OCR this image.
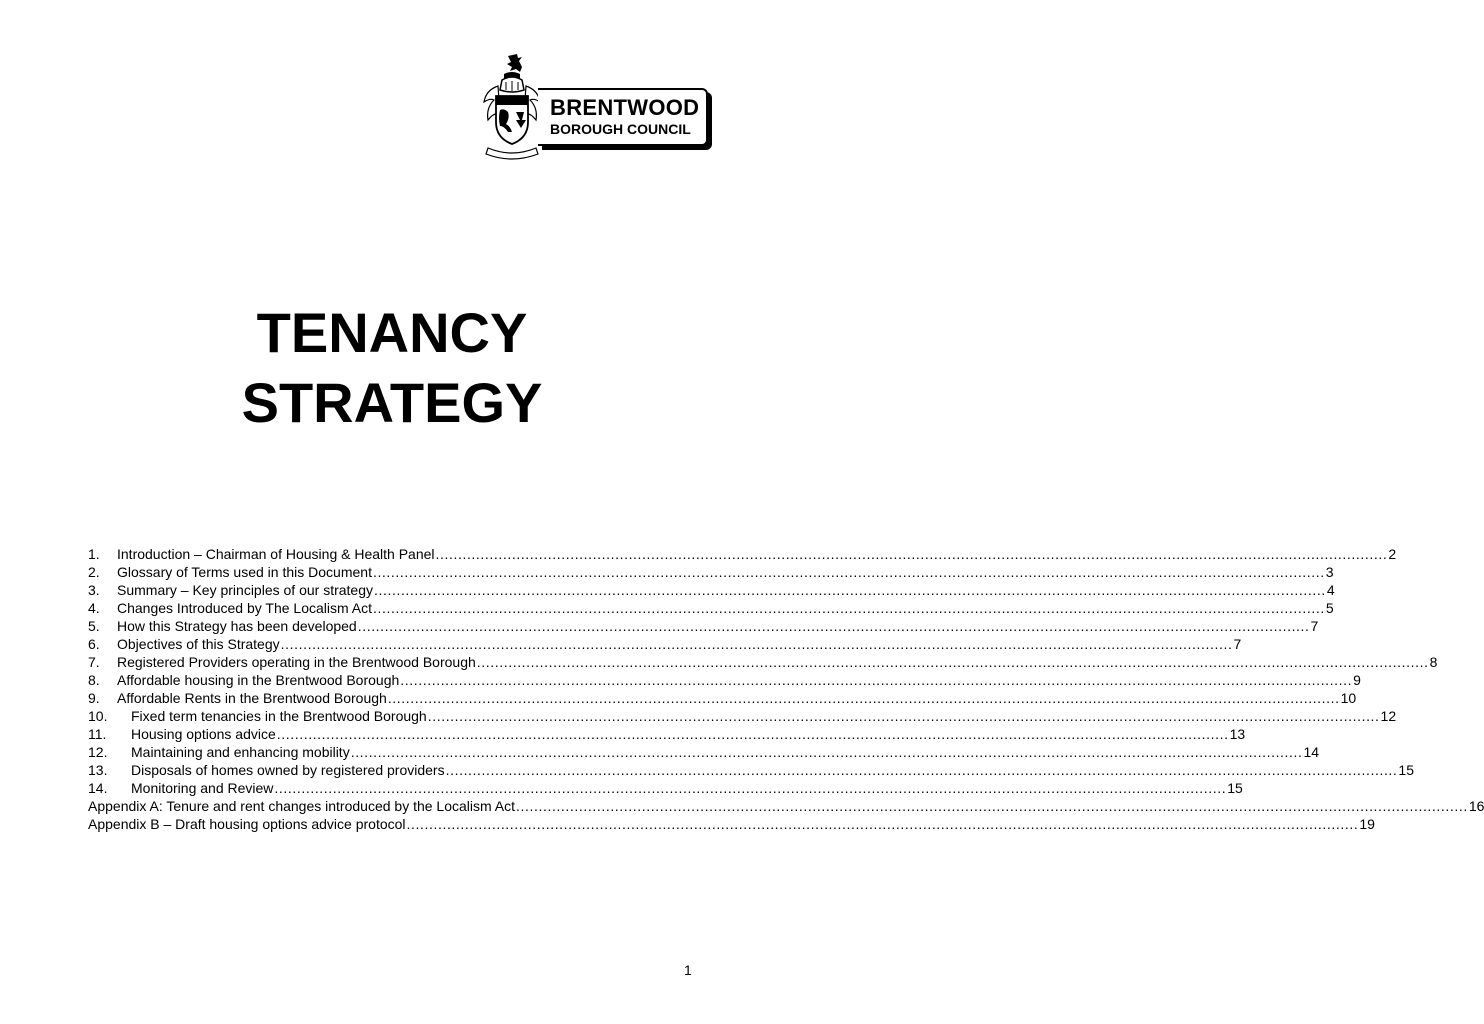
BRENTWOOD
BOROUGH COUNCIL
TENANCY
STRATEGY
1.	Introduction – Chairman of Housing & Health Panel .....	2
2.	Glossary of Terms used in this Document .....	3
3.	Summary – Key principles of our strategy .....	4
4.	Changes Introduced by The Localism Act .....	5
5.	How this Strategy has been developed .....	7
6.	Objectives of this Strategy .....	7
7.	Registered Providers operating in the Brentwood Borough .....	8
8.	Affordable housing in the Brentwood Borough .....	9
9.	Affordable Rents in the Brentwood Borough .....	10
10.	Fixed term tenancies in the Brentwood Borough .....	12
11.	Housing options advice .....	13
12.	Maintaining and enhancing mobility .....	14
13.	Disposals of homes owned by registered providers .....	15
14.	Monitoring and Review .....	15
Appendix A: Tenure and rent changes introduced by the Localism Act .....	16
Appendix B – Draft housing options advice protocol .....	19
1
